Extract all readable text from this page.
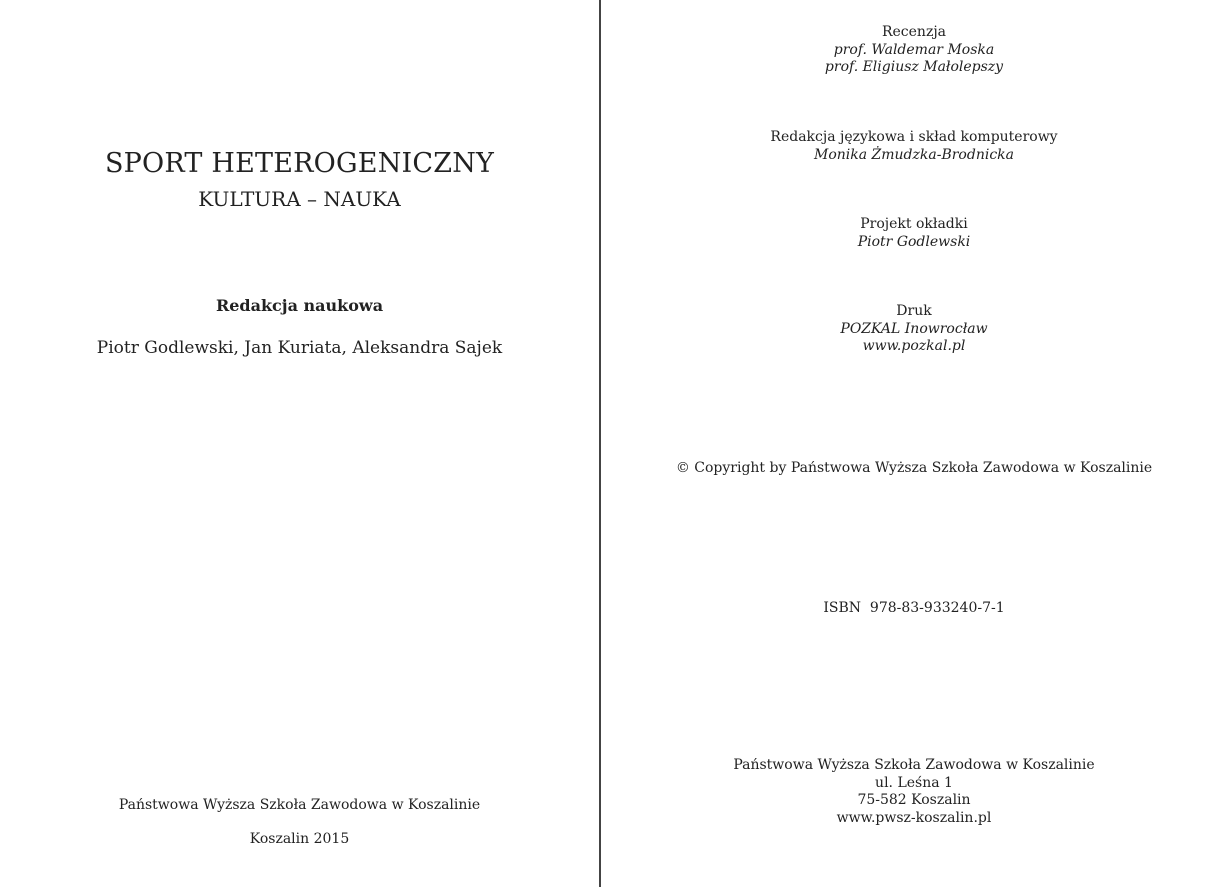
SPORT HETEROGENICZNY
KULTURA – NAUKA
Redakcja naukowa
Piotr Godlewski, Jan Kuriata, Aleksandra Sajek
Państwowa Wyższa Szkoła Zawodowa w Koszalinie
Koszalin 2015
Recenzja
prof. Waldemar Moska
prof. Eligiusz Małolepszy
Redakcja językowa i skład komputerowy
Monika Żmudzka-Brodnicka
Projekt okładki
Piotr Godlewski
Druk
POZKAL Inowrocław
www.pozkal.pl
© Copyright by Państwowa Wyższa Szkoła Zawodowa w Koszalinie
ISBN  978-83-933240-7-1
Państwowa Wyższa Szkoła Zawodowa w Koszalinie
ul. Leśna 1
75-582 Koszalin
www.pwsz-koszalin.pl
